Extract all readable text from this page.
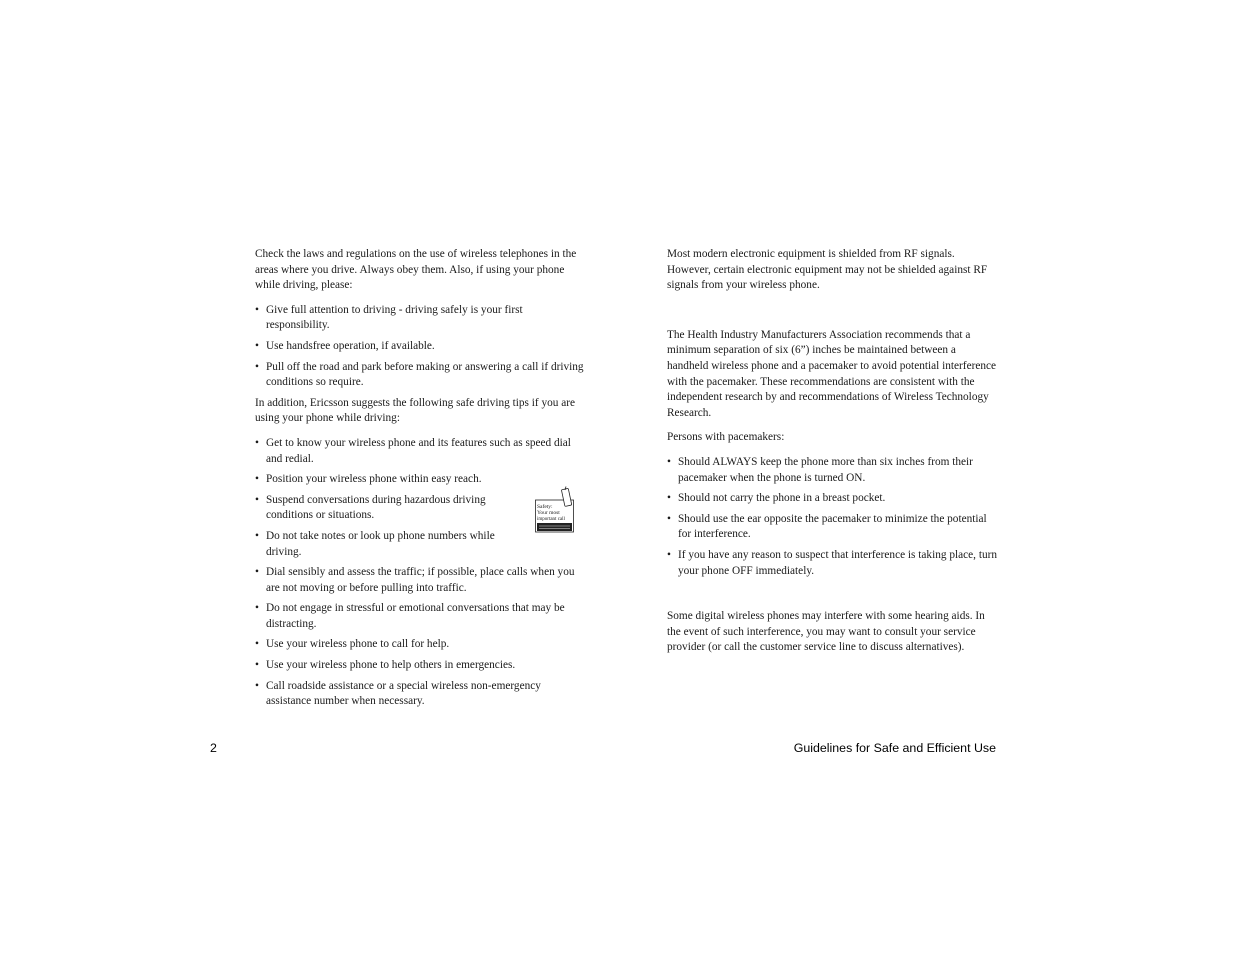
Check the laws and regulations on the use of wireless telephones in the areas where you drive. Always obey them. Also, if using your phone while driving, please:

• Give full attention to driving - driving safely is your first responsibility.
• Use handsfree operation, if available.
• Pull off the road and park before making or answering a call if driving conditions so require.

In addition, Ericsson suggests the following safe driving tips if you are using your phone while driving:

• Get to know your wireless phone and its features such as speed dial and redial.
• Position your wireless phone within easy reach.
• Suspend conversations during hazardous driving conditions or situations.
• Do not take notes or look up phone numbers while driving.
• Dial sensibly and assess the traffic; if possible, place calls when you are not moving or before pulling into traffic.
• Do not engage in stressful or emotional conversations that may be distracting.
• Use your wireless phone to call for help.
• Use your wireless phone to help others in emergencies.
• Call roadside assistance or a special wireless non-emergency assistance number when necessary.
Safety:
Your most
important call

Most modern electronic equipment is shielded from RF signals. However, certain electronic equipment may not be shielded against RF signals from your wireless phone.

The Health Industry Manufacturers Association recommends that a minimum separation of six (6”) inches be maintained between a handheld wireless phone and a pacemaker to avoid potential interference with the pacemaker. These recommendations are consistent with the independent research by and recommendations of Wireless Technology Research.

Persons with pacemakers:

• Should ALWAYS keep the phone more than six inches from their pacemaker when the phone is turned ON.
• Should not carry the phone in a breast pocket.
• Should use the ear opposite the pacemaker to minimize the potential for interference.
• If you have any reason to suspect that interference is taking place, turn your phone OFF immediately.

Some digital wireless phones may interfere with some hearing aids. In the event of such interference, you may want to consult your service provider (or call the customer service line to discuss alternatives).

2	Guidelines for Safe and Efficient Use
